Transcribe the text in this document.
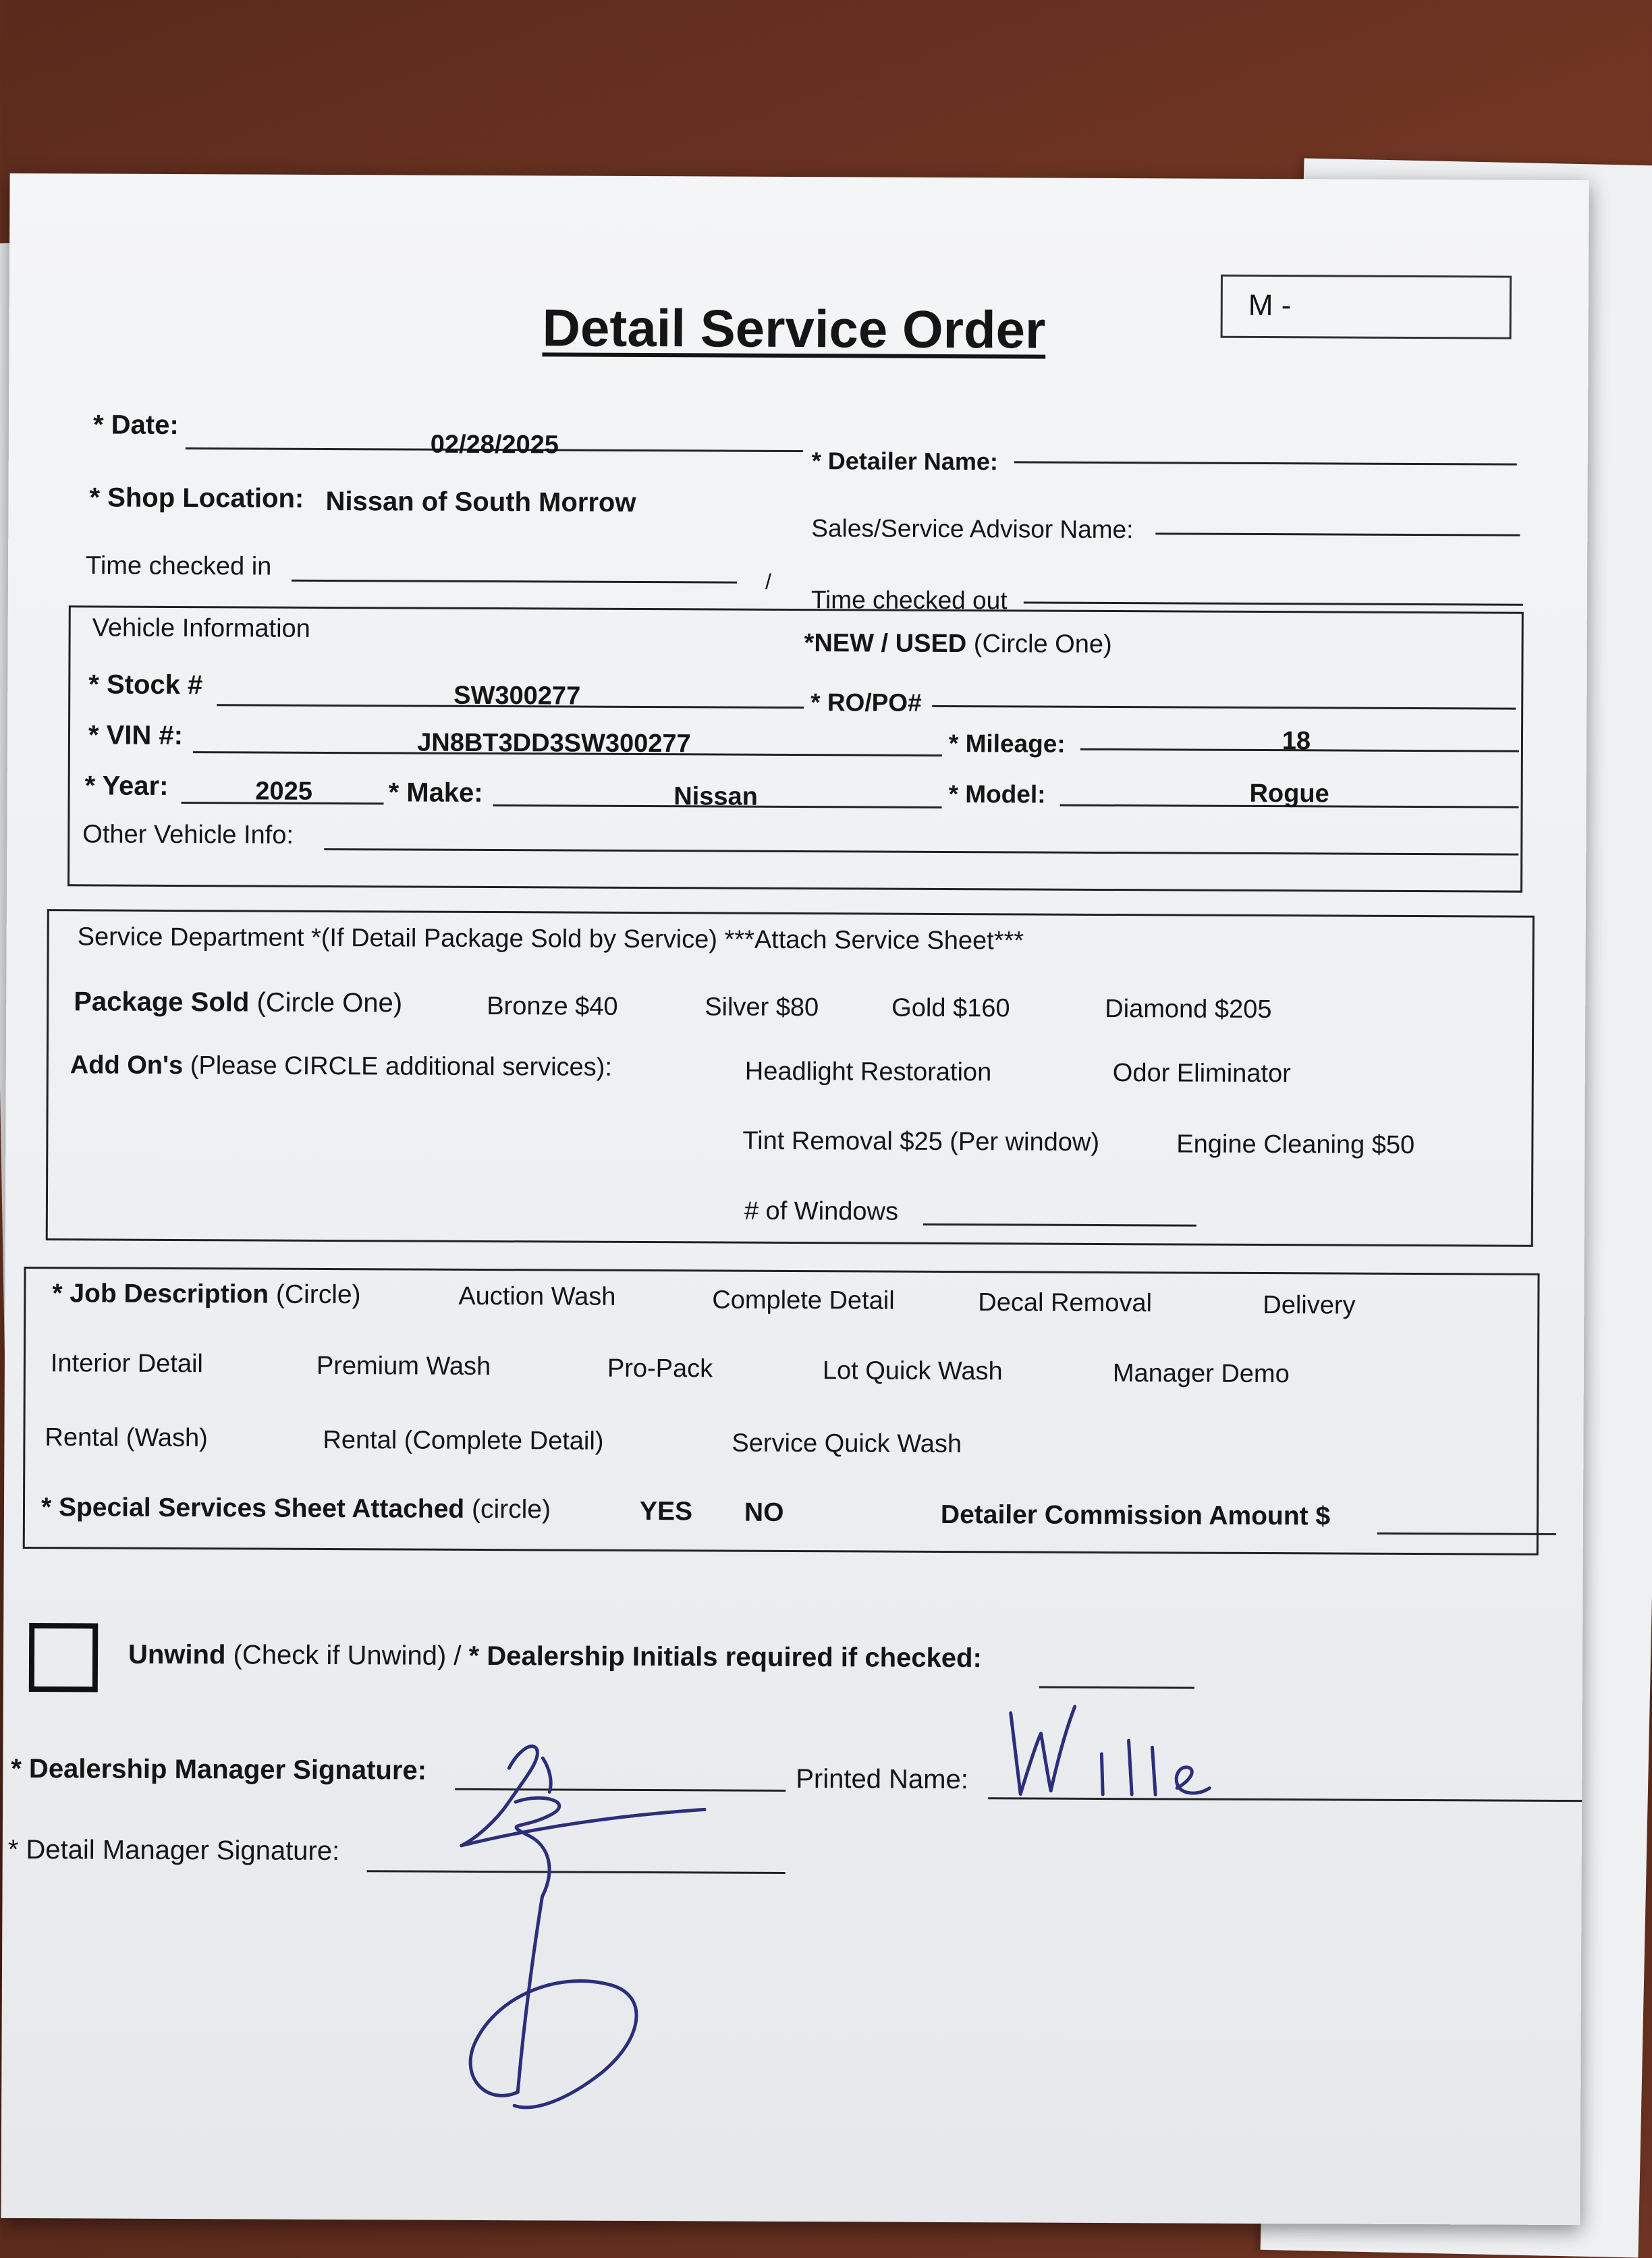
Detail Service Order	M -
* Date:
02/28/2025
* Detailer Name:
* Shop Location: Nissan of South Morrow
Sales/Service Advisor Name:
Time checked in
/
Time checked out
Vehicle Information
*NEW / USED (Circle One)
* Stock #	SW300277	* RO/PO#
* VIN #:	JN8BT3DD3SW300277	* Mileage:	18
* Year:	2025	* Make:	Nissan	* Model:	Rogue
Other Vehicle Info:
Service Department *(If Detail Package Sold by Service) ***Attach Service Sheet***
Package Sold (Circle One)	Bronze $40	Silver $80	Gold $160	Diamond $205
Add On's (Please CIRCLE additional services):	Headlight Restoration	Odor Eliminator
Tint Removal $25 (Per window)	Engine Cleaning $50
# of Windows
* Job Description (Circle)	Auction Wash	Complete Detail	Decal Removal	Delivery
Interior Detail	Premium Wash	Pro-Pack	Lot Quick Wash	Manager Demo
Rental (Wash)	Rental (Complete Detail)	Service Quick Wash
* Special Services Sheet Attached (circle)	YES NO	Detailer Commission Amount $
Unwind (Check if Unwind) / * Dealership Initials required if checked:
* Dealership Manager Signature:	Printed Name:
* Detail Manager Signature:
